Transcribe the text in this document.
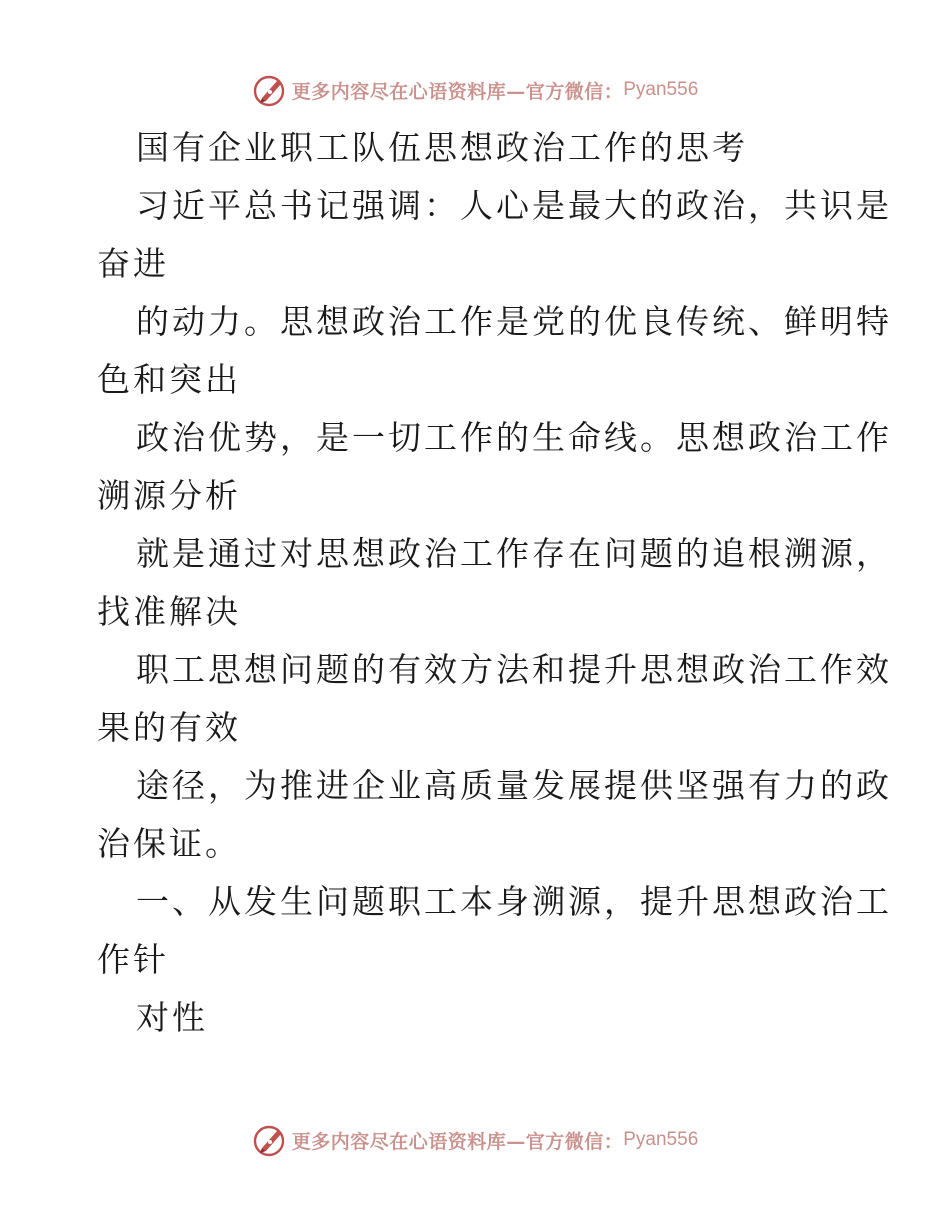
更多内容尽在心语资料库—官方微信： Pyan556
国有企业职工队伍思想政治工作的思考
习近平总书记强调：人心是最大的政治，共识是
奋进
的动力。思想政治工作是党的优良传统、鲜明特
色和突出
政治优势，是一切工作的生命线。思想政治工作
溯源分析
就是通过对思想政治工作存在问题的追根溯源，
找准解决
职工思想问题的有效方法和提升思想政治工作效
果的有效
途径，为推进企业高质量发展提供坚强有力的政
治保证。
一、从发生问题职工本身溯源，提升思想政治工
作针
对性
更多内容尽在心语资料库—官方微信： Pyan556
